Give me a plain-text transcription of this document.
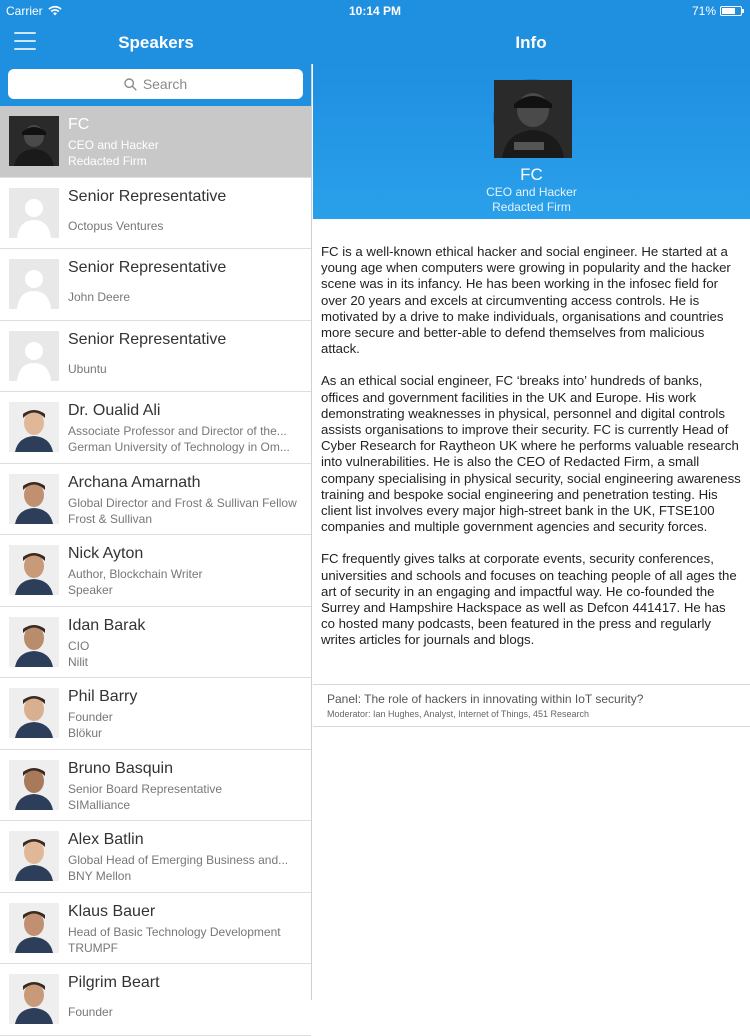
Carrier	10:14 PM	71%
Speakers	Info
Search
FC
CEO and Hacker
Redacted Firm
Senior Representative
Octopus Ventures
Senior Representative
John Deere
Senior Representative
Ubuntu
Dr. Oualid Ali
Associate Professor and Director of the...
German University of Technology in Om...
Archana Amarnath
Global Director and Frost & Sullivan Fellow
Frost & Sullivan
Nick Ayton
Author, Blockchain Writer
Speaker
Idan Barak
CIO
Nilit
Phil Barry
Founder
Blökur
Bruno Basquin
Senior Board Representative
SIMalliance
Alex Batlin
Global Head of Emerging Business and...
BNY Mellon
Klaus Bauer
Head of Basic Technology Development
TRUMPF
Pilgrim Beart
Founder
FC
CEO and Hacker
Redacted Firm

FC is a well-known ethical hacker and social engineer. He started at a young age when computers were growing in popularity and the hacker scene was in its infancy. He has been working in the infosec field for over 20 years and excels at circumventing access controls. He is motivated by a drive to make individuals, organisations and countries more secure and better-able to defend themselves from malicious attack.

As an ethical social engineer, FC ‘breaks into’ hundreds of banks, offices and government facilities in the UK and Europe. His work demonstrating weaknesses in physical, personnel and digital controls assists organisations to improve their security. FC is currently Head of Cyber Research for Raytheon UK where he performs valuable research into vulnerabilities. He is also the CEO of Redacted Firm, a small company specialising in physical security, social engineering awareness training and bespoke social engineering and penetration testing. His client list involves every major high-street bank in the UK, FTSE100 companies and multiple government agencies and security forces.

FC frequently gives talks at corporate events, security conferences, universities and schools and focuses on teaching people of all ages the art of security in an engaging and impactful way. He co-founded the Surrey and Hampshire Hackspace as well as Defcon 441417. He has co hosted many podcasts, been featured in the press and regularly writes articles for journals and blogs.

Panel: The role of hackers in innovating within IoT security?
Moderator: Ian Hughes, Analyst, Internet of Things, 451 Research
